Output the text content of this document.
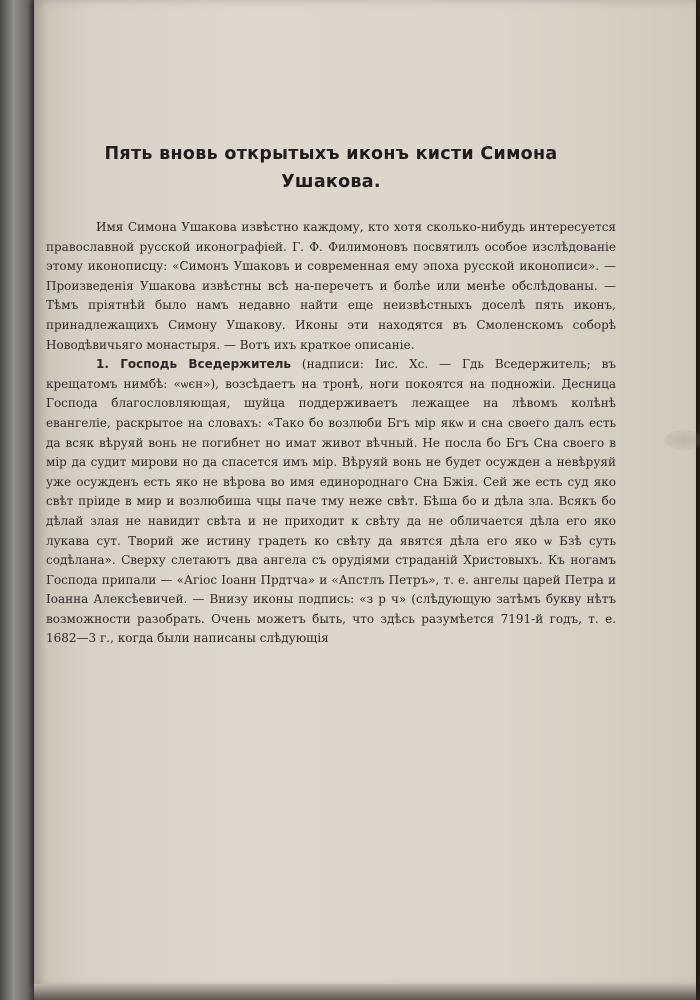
Пять вновь открытыхъ иконъ кисти Симона Ушакова.

Имя Симона Ушакова извѣстно каждому, кто хотя сколько-нибудь интересуется православной русской иконографіей. Г. Ф. Филимоновъ посвятилъ особое изслѣдованіе этому иконописцу: «Симонъ Ушаковъ и современная ему эпоха русской иконописи». — Произведенія Ушакова извѣстны всѣ на-перечетъ и болѣе или менѣе обслѣдованы. — Тѣмъ пріятнѣй было намъ недавно найти еще неизвѣстныхъ доселѣ пять иконъ, принадлежащихъ Симону Ушакову. Иконы эти находятся въ Смоленскомъ соборѣ Новодѣвичьяго монастыря. — Вотъ ихъ краткое описаніе.

1. Господь Вседержитель (надписи: Іис. Хс. — Гдь Вседержитель; въ крещатомъ нимбѣ: «ѡєн»), возсѣдаетъ на тронѣ, ноги покоятся на подножіи. Десница Господа благословляющая, шуйца поддерживаетъ лежащее на лѣвомъ колѣнѣ евангеліе, раскрытое на словахъ: «Тако бо возлюби Бгъ мір якѡ и сна своего далъ есть да всяк вѣруяй вонь не погибнет но имат живот вѣчный. Не посла бо Бгъ Сна своего в мір да судит мирови но да спасется имъ мір. Вѣруяй вонь не будет осужден а невѣруяй уже осужденъ есть яко не вѣрова во имя единороднаго Сна Бжія. Сей же есть суд яко свѣт пріиде в мир и возлюбиша чцы паче тму неже свѣт. Бѣша бо и дѣла зла. Всякъ бо дѣлай злая не навидит свѣта и не приходит к свѣту да не обличается дѣла его яко лукава сут. Творий же истину градеть ко свѣту да явятся дѣла его яко ѡ Бзѣ суть содѣлана». Сверху слетаютъ два ангела съ орудіями страданій Христовыхъ. Къ ногамъ Господа припали — «Агіос Іоанн Прдтча» и «Апстлъ Петръ», т. е. ангелы царей Петра и Іоанна Алексѣевичей. — Внизу иконы подпись: «з р ч» (слѣдующую затѣмъ букву нѣтъ возможности разобрать. Очень можетъ быть, что здѣсь разумѣется 7191-й годъ, т. е. 1682—3 г., когда были написаны слѣдующія
